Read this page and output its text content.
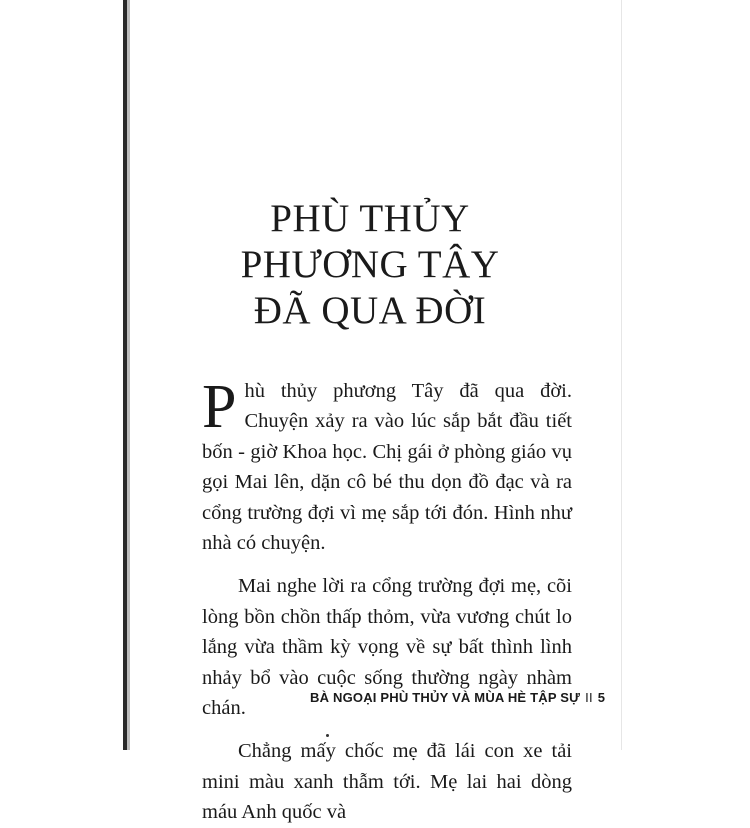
PHÙ THỦY
PHƯƠNG TÂY
ĐÃ QUA ĐỜI

Phù thủy phương Tây đã qua đời. Chuyện xảy ra vào lúc sắp bắt đầu tiết bốn - giờ Khoa học. Chị gái ở phòng giáo vụ gọi Mai lên, dặn cô bé thu dọn đồ đạc và ra cổng trường đợi vì mẹ sắp tới đón. Hình như nhà có chuyện.

Mai nghe lời ra cổng trường đợi mẹ, cõi lòng bồn chồn thấp thỏm, vừa vương chút lo lắng vừa thầm kỳ vọng về sự bất thình lình nhảy bổ vào cuộc sống thường ngày nhàm chán.

Chẳng mấy chốc mẹ đã lái con xe tải mini màu xanh thẫm tới. Mẹ lai hai dòng máu Anh quốc và

BÀ NGOẠI PHÙ THỦY VÀ MÙA HÈ TẬP SỰ II 5
